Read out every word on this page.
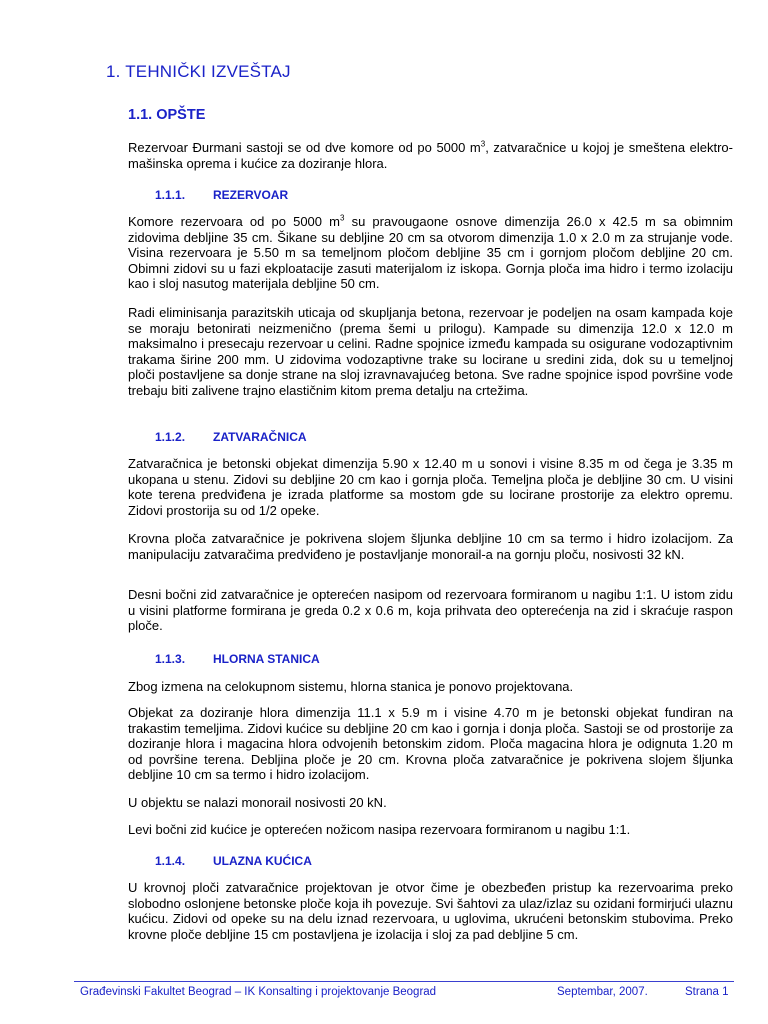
1. TEHNIČKI IZVEŠTAJ
1.1. OPŠTE
Rezervoar Đurmani sastoji se od dve komore od po 5000 $m^3$, zatvaračnice u kojoj je smeštena elektro-mašinska oprema i kućice za doziranje hlora.
1.1.1. REZERVOAR
Komore rezervoara od po 5000 $m^3$ su pravougaone osnove dimenzija 26.0 x 42.5 m sa obimnim zidovima debljine 35 cm. Šikane su debljine 20 cm sa otvorom dimenzija 1.0 x 2.0 m za strujanje vode. Visina rezervoara je 5.50 m sa temeljnom pločom debljine 35 cm i gornjom pločom debljine 20 cm. Obimni zidovi su u fazi ekploatacije zasuti materijalom iz iskopa. Gornja ploča ima hidro i termo izolaciju kao i sloj nasutog materijala debljine 50 cm.
Radi eliminisanja parazitskih uticaja od skupljanja betona, rezervoar je podeljen na osam kampada koje se moraju betonirati neizmenično (prema šemi u prilogu). Kampade su dimenzija 12.0 x 12.0 m maksimalno i presecaju rezervoar u celini. Radne spojnice između kampada su osigurane vodozaptivnim trakama širine 200 mm. U zidovima vodozaptivne trake su locirane u sredini zida, dok su u temeljnoj ploči postavljene sa donje strane na sloj izravnavajućeg betona. Sve radne spojnice ispod površine vode trebaju biti zalivene trajno elastičnim kitom prema detalju na crtežima.
1.1.2. ZATVARAČNICA
Zatvaračnica je betonski objekat dimenzija 5.90 x 12.40 m u sonovi i visine 8.35 m od čega je 3.35 m ukopana u stenu. Zidovi su debljine 20 cm kao i gornja ploča. Temeljna ploča je debljine 30 cm. U visini kote terena predviđena je izrada platforme sa mostom gde su locirane prostorije za elektro opremu. Zidovi prostorija su od 1/2 opeke.
Krovna ploča zatvaračnice je pokrivena slojem šljunka debljine 10 cm sa termo i hidro izolacijom. Za manipulaciju zatvaračima predviđeno je postavljanje monorail-a na gornju ploču, nosivosti 32 kN.
Desni bočni zid zatvaračnice je opterećen nasipom od rezervoara formiranom u nagibu 1:1. U istom zidu u visini platforme formirana je greda 0.2 x 0.6 m, koja prihvata deo opterećenja na zid i skraćuje raspon ploče.
1.1.3. HLORNA STANICA
Zbog izmena na celokupnom sistemu, hlorna stanica je ponovo projektovana.
Objekat za doziranje hlora dimenzija 11.1 x 5.9 m i visine 4.70 m je betonski objekat fundiran na trakastim temeljima. Zidovi kućice su debljine 20 cm kao i gornja i donja ploča. Sastoji se od prostorije za doziranje hlora i magacina hlora odvojenih betonskim zidom. Ploča magacina hlora je odignuta 1.20 m od površine terena. Debljina ploče je 20 cm. Krovna ploča zatvaračnice je pokrivena slojem šljunka debljine 10 cm sa termo i hidro izolacijom.
U objektu se nalazi monorail nosivosti 20 kN.
Levi bočni zid kućice je opterećen nožicom nasipa rezervoara formiranom u nagibu 1:1.
1.1.4. ULAZNA KUĆICA
U krovnoj ploči zatvaračnice projektovan je otvor čime je obezbeđen pristup ka rezervoarima preko slobodno oslonjene betonske ploče koja ih povezuje. Svi šahtovi za ulaz/izlaz su ozidani formirjući ulaznu kućicu. Zidovi od opeke su na delu iznad rezervoara, u uglovima, ukrućeni betonskim stubovima. Preko krovne ploče debljine 15 cm postavljena je izolacija i sloj za pad debljine 5 cm.
Građevinski Fakultet Beograd – IK Konsalting i projektovanje Beograd	Septembar, 2007.	Strana 1
